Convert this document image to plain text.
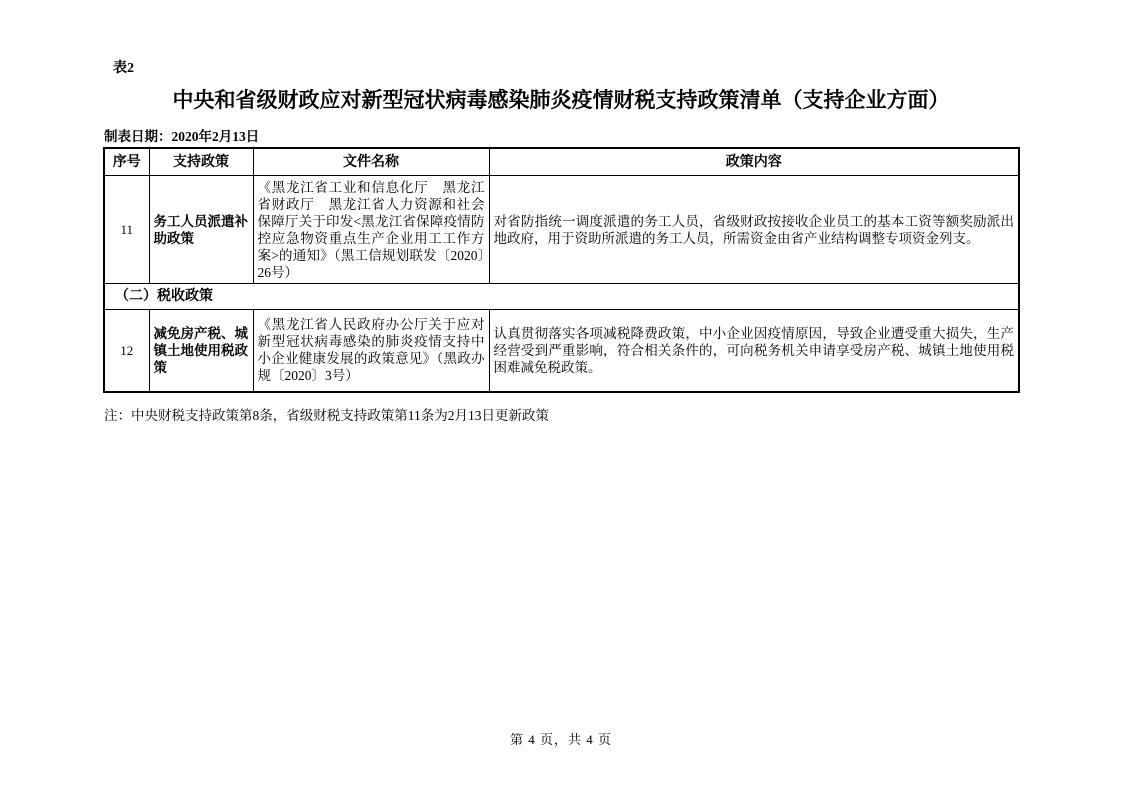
表2
中央和省级财政应对新型冠状病毒感染肺炎疫情财税支持政策清单（支持企业方面）
制表日期：2020年2月13日
序号	支持政策	文件名称	政策内容
11	务工人员派遣补助政策	《黑龙江省工业和信息化厅　黑龙江省财政厅　黑龙江省人力资源和社会保障厅关于印发<黑龙江省保障疫情防控应急物资重点生产企业用工工作方案>的通知》（黑工信规划联发〔2020〕26号）	对省防指统一调度派遣的务工人员，省级财政按接收企业员工的基本工资等额奖励派出地政府，用于资助所派遣的务工人员，所需资金由省产业结构调整专项资金列支。
（二）税收政策			
12	减免房产税、城镇土地使用税政策	《黑龙江省人民政府办公厅关于应对新型冠状病毒感染的肺炎疫情支持中小企业健康发展的政策意见》（黑政办规〔2020〕3号）	认真贯彻落实各项减税降费政策，中小企业因疫情原因，导致企业遭受重大损失，生产经营受到严重影响，符合相关条件的，可向税务机关申请享受房产税、城镇土地使用税困难减免税政策。
注：中央财税支持政策第8条，省级财税支持政策第11条为2月13日更新政策
第 4 页，共 4 页
